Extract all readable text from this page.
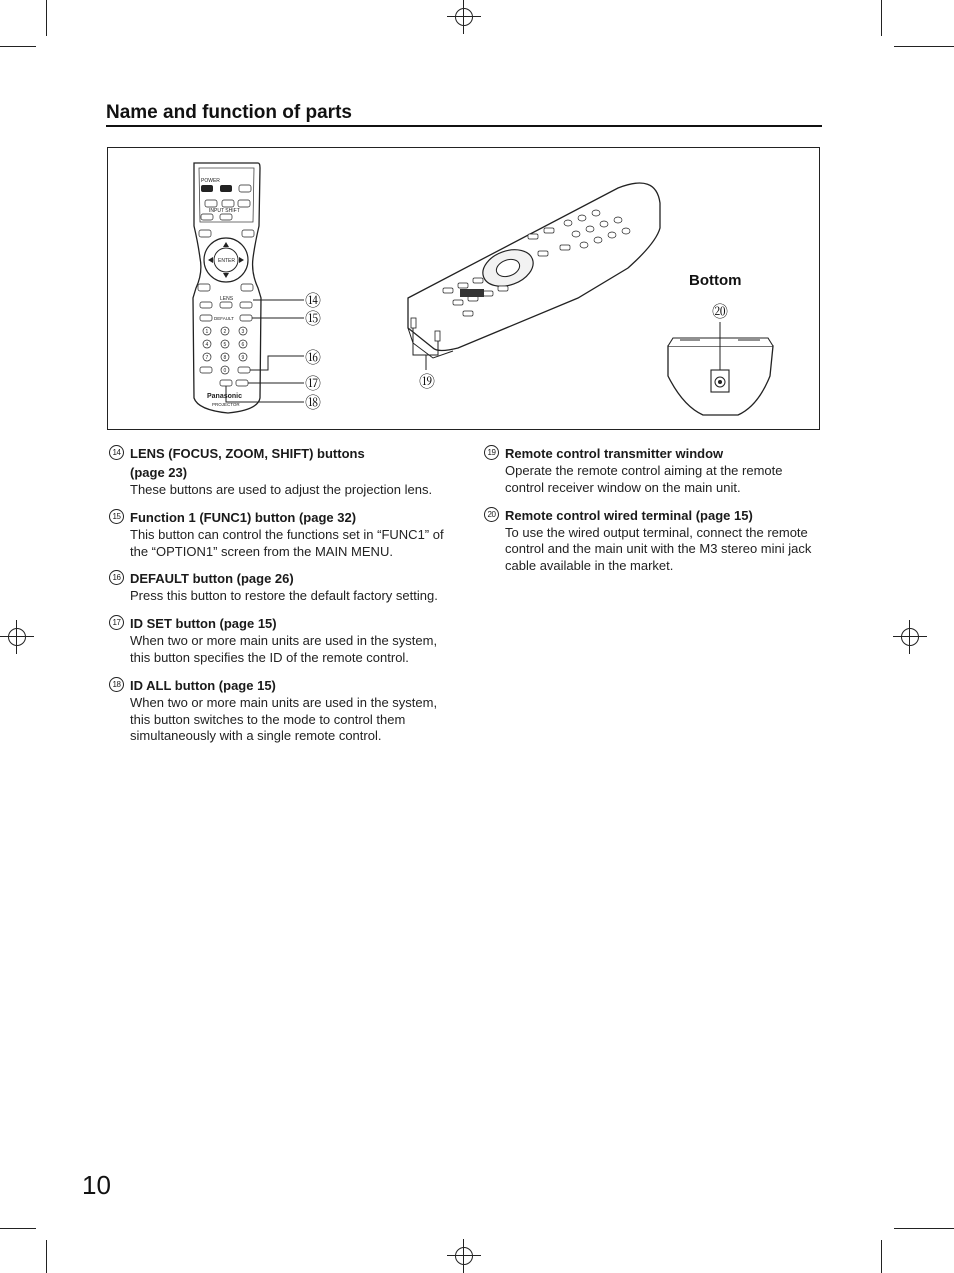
Name and function of parts
POWER
INPUT SHIFT
ENTER
LENS
DEFAULT
1	2	3
4	5	6
7	8	9
0
Panasonic
PROJECTOR
⑭
⑮
⑯
⑰
⑱
⑲
Bottom
⑳
14 LENS (FOCUS, ZOOM, SHIFT) buttons
(page 23)
These buttons are used to adjust the projection lens.
15 Function 1 (FUNC1) button (page 32)
This button can control the functions set in “FUNC1” of the “OPTION1” screen from the MAIN MENU.
16 DEFAULT button (page 26)
Press this button to restore the default factory setting.
17 ID SET button (page 15)
When two or more main units are used in the system, this button specifies the ID of the remote control.
18 ID ALL button (page 15)
When two or more main units are used in the system, this button switches to the mode to control them simultaneously with a single remote control.
19 Remote control transmitter window
Operate the remote control aiming at the remote control receiver window on the main unit.
20 Remote control wired terminal (page 15)
To use the wired output terminal, connect the remote control and the main unit with the M3 stereo mini jack cable available in the market.
10
